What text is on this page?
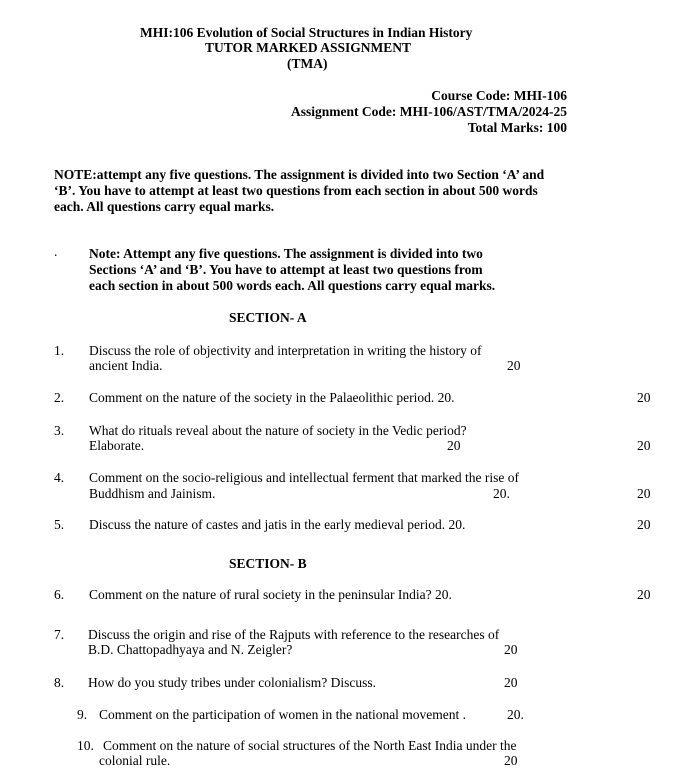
MHI:106 Evolution of Social Structures in Indian History
TUTOR MARKED ASSIGNMENT
(TMA)
Course Code: MHI-106
Assignment Code: MHI-106/AST/TMA/2024-25
Total Marks: 100
NOTE:attempt any five questions. The assignment is divided into two Section ‘A’ and
‘B’. You have to attempt at least two questions from each section in about 500 words
each. All questions carry equal marks.
. Note: Attempt any five questions. The assignment is divided into two
Sections ‘A’ and ‘B’. You have to attempt at least two questions from
each section in about 500 words each. All questions carry equal marks.
SECTION- A
1. Discuss the role of objectivity and interpretation in writing the history of
ancient India.	20
2. Comment on the nature of the society in the Palaeolithic period. 20.	20
3. What do rituals reveal about the nature of society in the Vedic period?
Elaborate.	20	20
4. Comment on the socio-religious and intellectual ferment that marked the rise of
Buddhism and Jainism.	20.	20
5. Discuss the nature of castes and jatis in the early medieval period. 20.	20
SECTION- B
6. Comment on the nature of rural society in the peninsular India? 20.	20
7. Discuss the origin and rise of the Rajputs with reference to the researches of
B.D. Chattopadhyaya and N. Zeigler?	20
8. How do you study tribes under colonialism? Discuss.	20
9. Comment on the participation of women in the national movement .	20.
10. Comment on the nature of social structures of the North East India under the
colonial rule.	20
